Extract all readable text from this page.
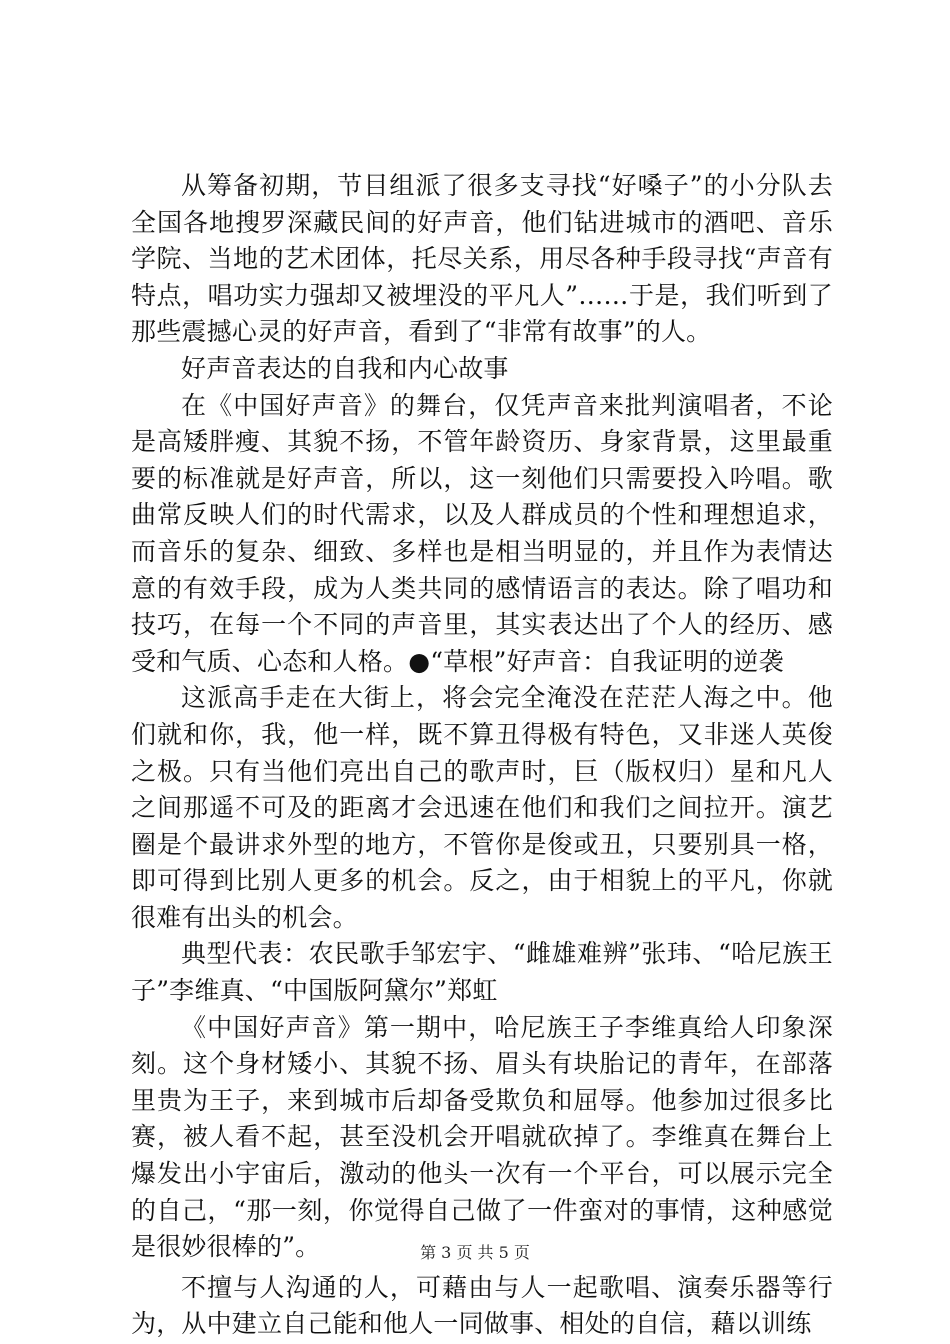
从筹备初期，节目组派了很多支寻找“好嗓子”的小分队去全国各地搜罗深藏民间的好声音，他们钻进城市的酒吧、音乐学院、当地的艺术团体，托尽关系，用尽各种手段寻找“声音有特点，唱功实力强却又被埋没的平凡人”……于是，我们听到了那些震撼心灵的好声音，看到了“非常有故事”的人。

好声音表达的自我和内心故事

在《中国好声音》的舞台，仅凭声音来批判演唱者，不论是高矮胖瘦、其貌不扬，不管年龄资历、身家背景，这里最重要的标准就是好声音，所以，这一刻他们只需要投入吟唱。歌曲常反映人们的时代需求，以及人群成员的个性和理想追求，而音乐的复杂、细致、多样也是相当明显的，并且作为表情达意的有效手段，成为人类共同的感情语言的表达。除了唱功和技巧，在每一个不同的声音里，其实表达出了个人的经历、感受和气质、心态和人格。●“草根”好声音：自我证明的逆袭

这派高手走在大街上，将会完全淹没在茫茫人海之中。他们就和你，我，他一样，既不算丑得极有特色，又非迷人英俊之极。只有当他们亮出自己的歌声时，巨（版权归）星和凡人之间那遥不可及的距离才会迅速在他们和我们之间拉开。演艺圈是个最讲求外型的地方，不管你是俊或丑，只要别具一格，即可得到比别人更多的机会。反之，由于相貌上的平凡，你就很难有出头的机会。

典型代表：农民歌手邹宏宇、“雌雄难辨”张玮、“哈尼族王子”李维真、“中国版阿黛尔”郑虹

《中国好声音》第一期中，哈尼族王子李维真给人印象深刻。这个身材矮小、其貌不扬、眉头有块胎记的青年，在部落里贵为王子，来到城市后却备受欺负和屈辱。他参加过很多比赛，被人看不起，甚至没机会开唱就砍掉了。李维真在舞台上爆发出小宇宙后，激动的他头一次有一个平台，可以展示完全的自己，“那一刻，你觉得自己做了一件蛮对的事情，这种感觉是很妙很棒的”。

不擅与人沟通的人，可藉由与人一起歌唱、演奏乐器等行为，从中建立自己能和他人一同做事、相处的自信，藉以训练

第 3 页 共 5 页
